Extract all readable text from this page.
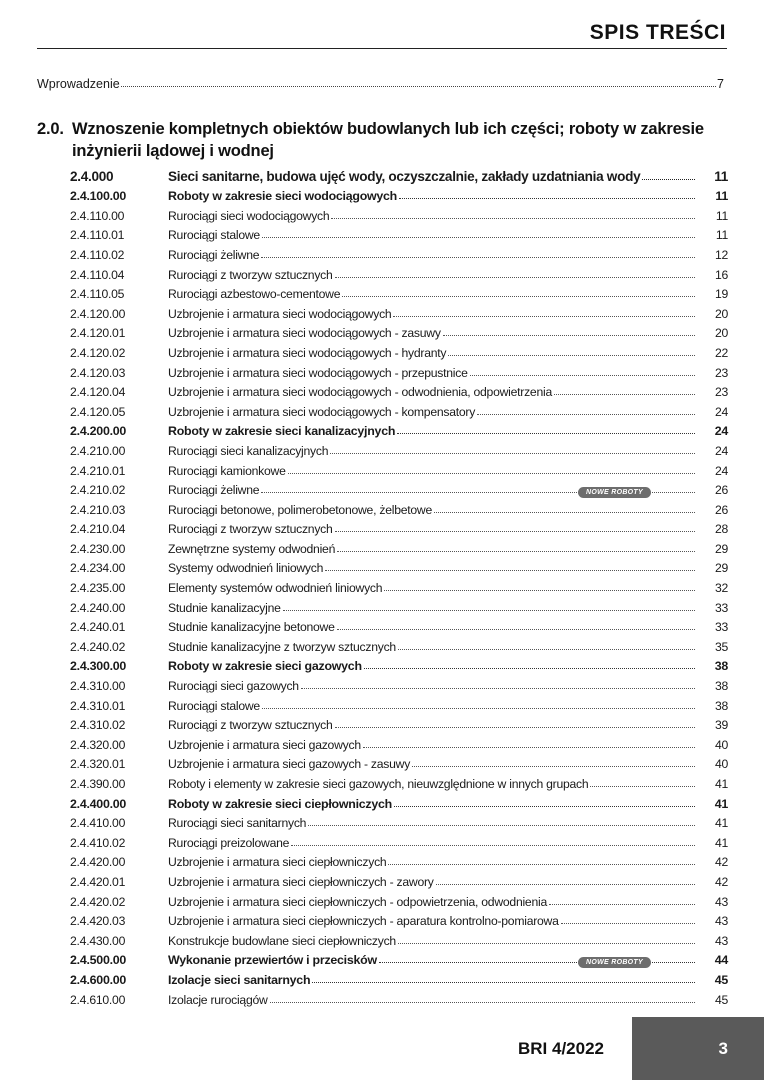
SPIS TREŚCI
Wprowadzenie	7
2.0. Wznoszenie kompletnych obiektów budowlanych lub ich części; roboty w zakresie inżynierii lądowej i wodnej
2.4.000	Sieci sanitarne, budowa ujęć wody, oczyszczalnie, zakłady uzdatniania wody	11
2.4.100.00	Roboty w zakresie sieci wodociągowych	11
2.4.110.00	Rurociągi sieci wodociągowych	11
2.4.110.01	Rurociągi stalowe	11
2.4.110.02	Rurociągi żeliwne	12
2.4.110.04	Rurociągi z tworzyw sztucznych	16
2.4.110.05	Rurociągi azbestowo-cementowe	19
2.4.120.00	Uzbrojenie i armatura sieci wodociągowych	20
2.4.120.01	Uzbrojenie i armatura sieci wodociągowych - zasuwy	20
2.4.120.02	Uzbrojenie i armatura sieci wodociągowych - hydranty	22
2.4.120.03	Uzbrojenie i armatura sieci wodociągowych - przepustnice	23
2.4.120.04	Uzbrojenie i armatura sieci wodociągowych - odwodnienia, odpowietrzenia	23
2.4.120.05	Uzbrojenie i armatura sieci wodociągowych - kompensatory	24
2.4.200.00	Roboty w zakresie sieci kanalizacyjnych	24
2.4.210.00	Rurociągi sieci kanalizacyjnych	24
2.4.210.01	Rurociągi kamionkowe	24
2.4.210.02	Rurociągi żeliwne	NOWE ROBOTY	26
2.4.210.03	Rurociągi betonowe, polimerobetonowe, żelbetowe	26
2.4.210.04	Rurociągi z tworzyw sztucznych	28
2.4.230.00	Zewnętrzne systemy odwodnień	29
2.4.234.00	Systemy odwodnień liniowych	29
2.4.235.00	Elementy systemów odwodnień liniowych	32
2.4.240.00	Studnie kanalizacyjne	33
2.4.240.01	Studnie kanalizacyjne betonowe	33
2.4.240.02	Studnie kanalizacyjne z tworzyw sztucznych	35
2.4.300.00	Roboty w zakresie sieci gazowych	38
2.4.310.00	Rurociągi sieci gazowych	38
2.4.310.01	Rurociągi stalowe	38
2.4.310.02	Rurociągi z tworzyw sztucznych	39
2.4.320.00	Uzbrojenie i armatura sieci gazowych	40
2.4.320.01	Uzbrojenie i armatura sieci gazowych - zasuwy	40
2.4.390.00	Roboty i elementy w zakresie sieci gazowych, nieuwzględnione w innych grupach	41
2.4.400.00	Roboty w zakresie sieci ciepłowniczych	41
2.4.410.00	Rurociągi sieci sanitarnych	41
2.4.410.02	Rurociągi preizolowane	41
2.4.420.00	Uzbrojenie i armatura sieci ciepłowniczych	42
2.4.420.01	Uzbrojenie i armatura sieci ciepłowniczych - zawory	42
2.4.420.02	Uzbrojenie i armatura sieci ciepłowniczych - odpowietrzenia, odwodnienia	43
2.4.420.03	Uzbrojenie i armatura sieci ciepłowniczych - aparatura kontrolno-pomiarowa	43
2.4.430.00	Konstrukcje budowlane sieci ciepłowniczych	43
2.4.500.00	Wykonanie przewiertów i przecisków	NOWE ROBOTY	44
2.4.600.00	Izolacje sieci sanitarnych	45
2.4.610.00	Izolacje rurociągów	45
BRI 4/2022	3
